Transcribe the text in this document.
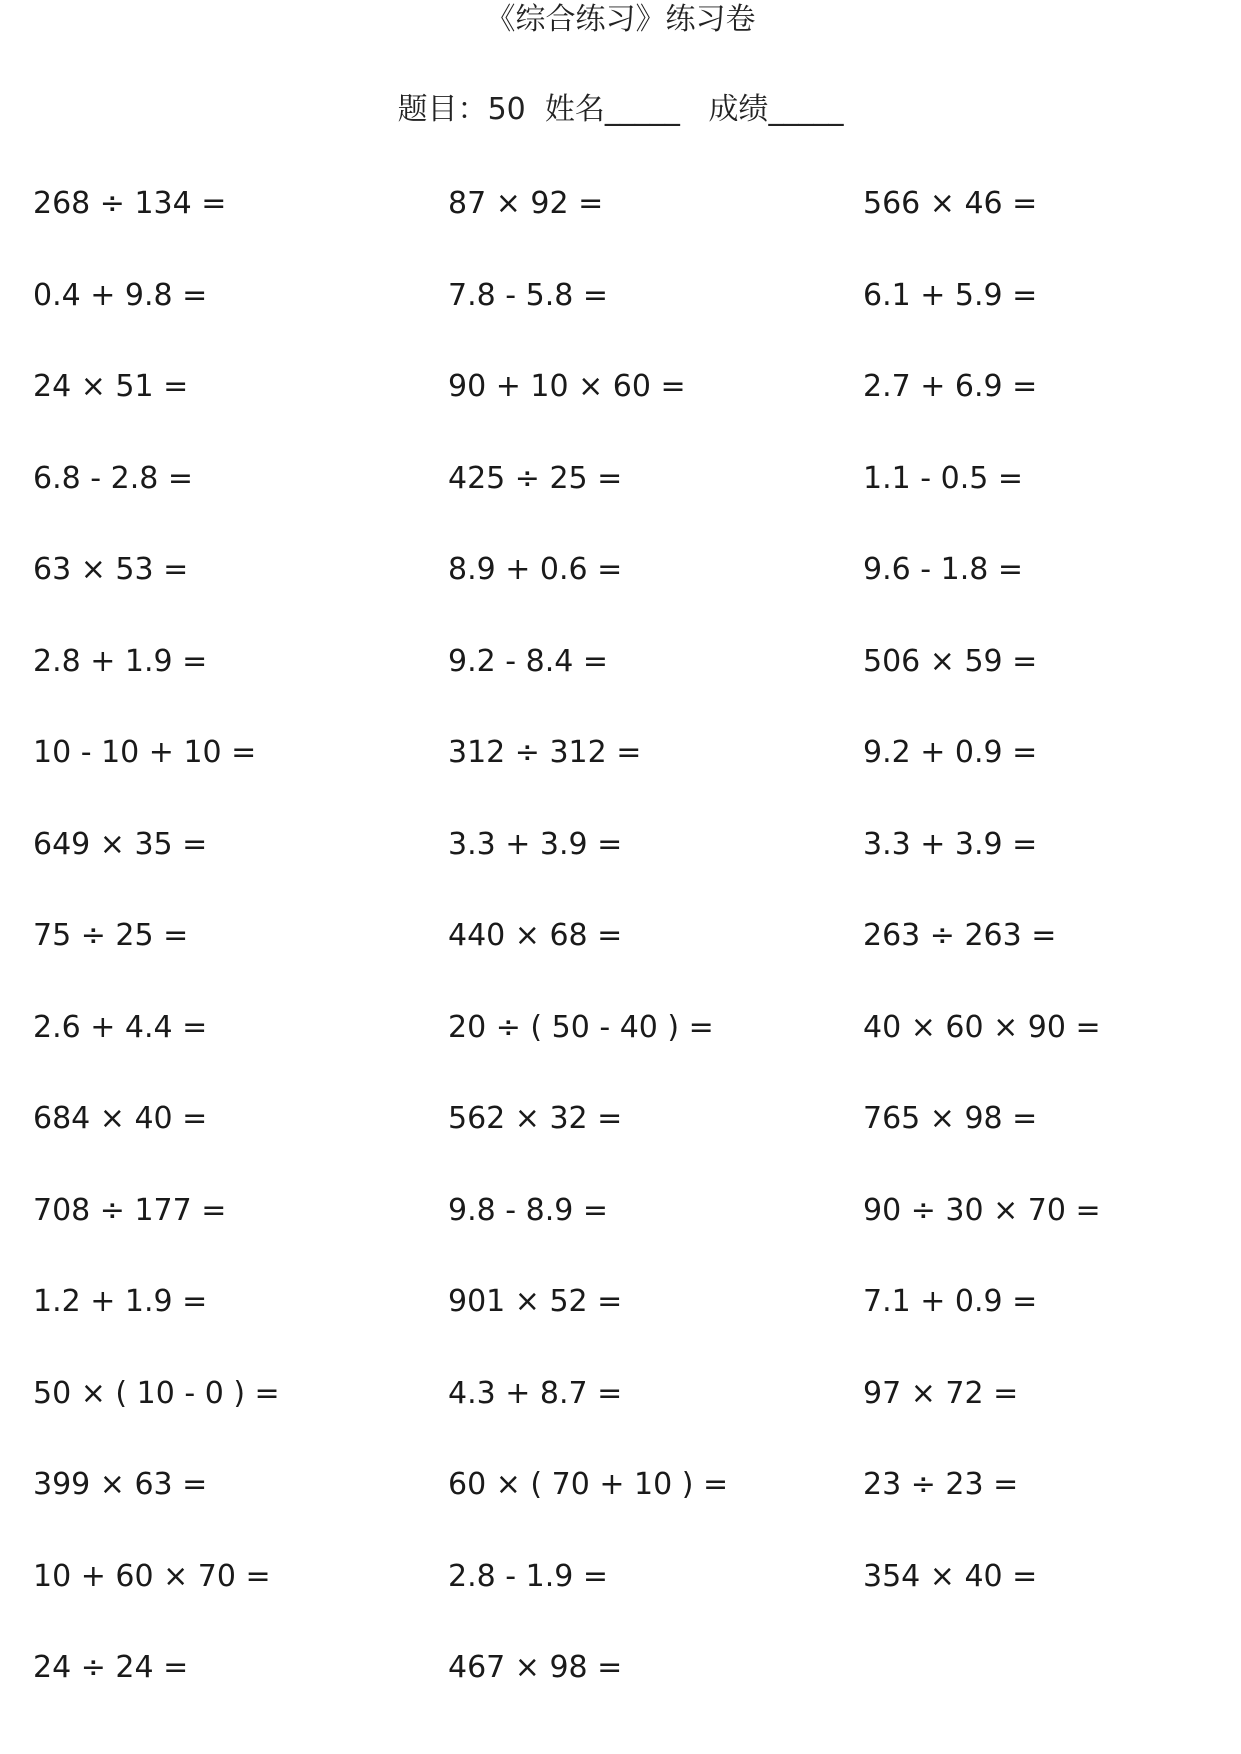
《综合练习》练习卷
题目：50 姓名_____ 成绩_____
268 ÷ 134 =	87 × 92 =	566 × 46 =
0.4 + 9.8 =	7.8 - 5.8 =	6.1 + 5.9 =
24 × 51 =	90 + 10 × 60 =	2.7 + 6.9 =
6.8 - 2.8 =	425 ÷ 25 =	1.1 - 0.5 =
63 × 53 =	8.9 + 0.6 =	9.6 - 1.8 =
2.8 + 1.9 =	9.2 - 8.4 =	506 × 59 =
10 - 10 + 10 =	312 ÷ 312 =	9.2 + 0.9 =
649 × 35 =	3.3 + 3.9 =	3.3 + 3.9 =
75 ÷ 25 =	440 × 68 =	263 ÷ 263 =
2.6 + 4.4 =	20 ÷ ( 50 - 40 ) =	40 × 60 × 90 =
684 × 40 =	562 × 32 =	765 × 98 =
708 ÷ 177 =	9.8 - 8.9 =	90 ÷ 30 × 70 =
1.2 + 1.9 =	901 × 52 =	7.1 + 0.9 =
50 × ( 10 - 0 ) =	4.3 + 8.7 =	97 × 72 =
399 × 63 =	60 × ( 70 + 10 ) =	23 ÷ 23 =
10 + 60 × 70 =	2.8 - 1.9 =	354 × 40 =
24 ÷ 24 =	467 × 98 =
